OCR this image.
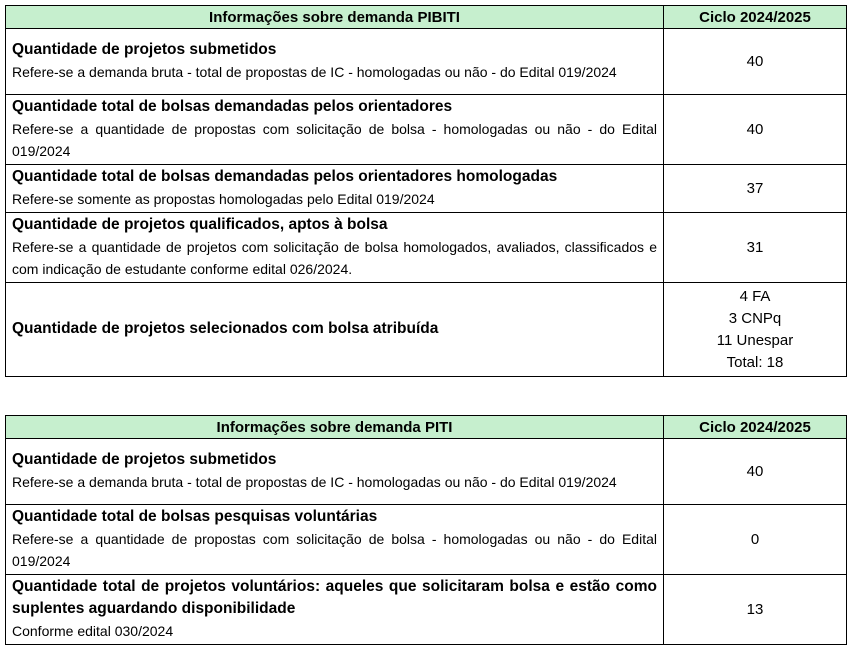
Informações sobre demanda PIBITI	Ciclo 2024/2025

Quantidade de projetos submetidos
Refere-se a demanda bruta - total de propostas de IC - homologadas ou não - do Edital 019/2024	40

Quantidade total de bolsas demandadas pelos orientadores
Refere-se a quantidade de propostas com solicitação de bolsa - homologadas ou não - do Edital 019/2024	40

Quantidade total de bolsas demandadas pelos orientadores homologadas
Refere-se somente as propostas homologadas pelo Edital 019/2024	37

Quantidade de projetos qualificados, aptos à bolsa
Refere-se a quantidade de projetos com solicitação de bolsa homologados, avaliados, classificados e com indicação de estudante conforme edital 026/2024.	31

Quantidade de projetos selecionados com bolsa atribuída	4 FA
3 CNPq
11 Unespar
Total: 18
Informações sobre demanda PITI	Ciclo 2024/2025

Quantidade de projetos submetidos
Refere-se a demanda bruta - total de propostas de IC - homologadas ou não - do Edital 019/2024	40

Quantidade total de bolsas pesquisas voluntárias
Refere-se a quantidade de propostas com solicitação de bolsa - homologadas ou não - do Edital 019/2024	0

Quantidade total de projetos voluntários: aqueles que solicitaram bolsa e estão como suplentes aguardando disponibilidade
Conforme edital 030/2024	13
